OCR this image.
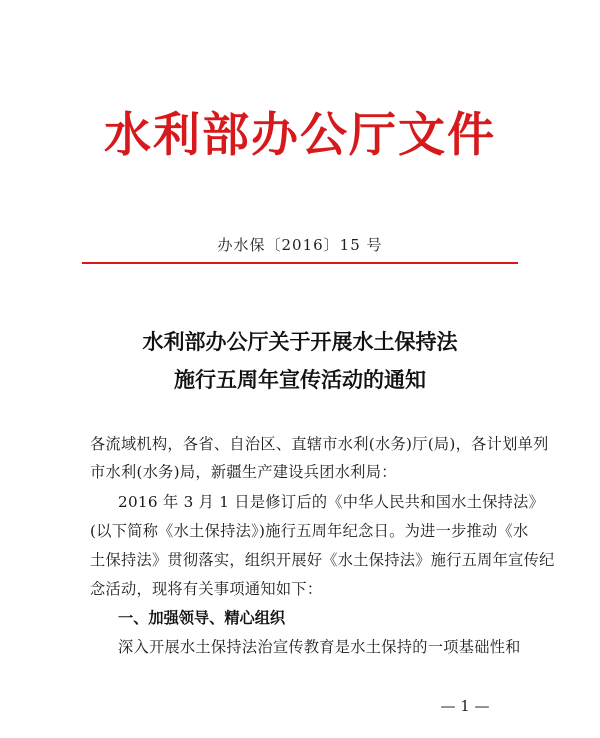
水利部办公厅文件
办水保〔2016〕15 号
水利部办公厅关于开展水土保持法
施行五周年宣传活动的通知
各流域机构，各省、自治区、直辖市水利(水务)厅(局)，各计划单列
市水利(水务)局，新疆生产建设兵团水利局：
2016 年 3 月 1 日是修订后的《中华人民共和国水土保持法》
(以下简称《水土保持法》)施行五周年纪念日。为进一步推动《水
土保持法》贯彻落实，组织开展好《水土保持法》施行五周年宣传纪
念活动，现将有关事项通知如下：
一、加强领导、精心组织
深入开展水土保持法治宣传教育是水土保持的一项基础性和
— 1 —
